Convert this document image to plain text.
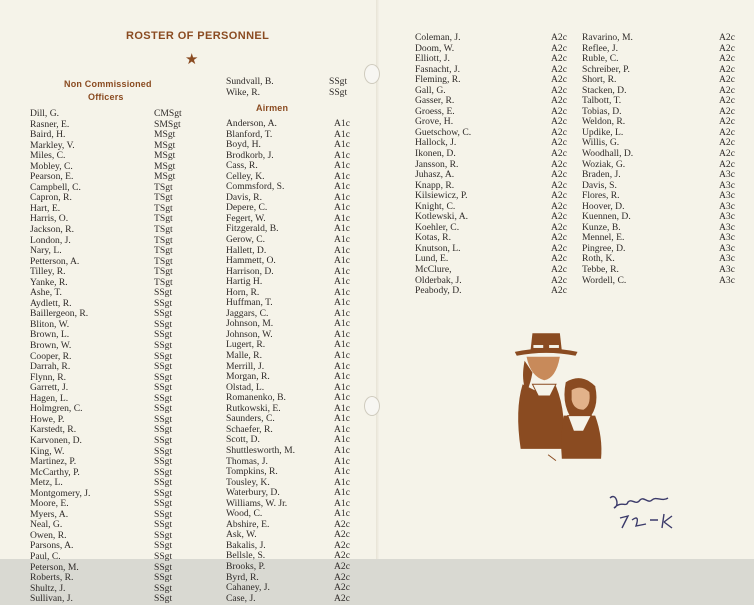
ROSTER OF PERSONNEL
★
Non Commissioned
Officers
Airmen
Dill, G.	CMSgt
Rasner, E.	SMSgt
Baird, H.	MSgt
Markley, V.	MSgt
Miles, C.	MSgt
Mobley, C.	MSgt
Pearson, E.	MSgt
Campbell, C.	TSgt
Capron, R.	TSgt
Hart, E.	TSgt
Harris, O.	TSgt
Jackson, R.	TSgt
London, J.	TSgt
Nary, L.	TSgt
Petterson, A.	TSgt
Tilley, R.	TSgt
Yanke, R.	TSgt
Ashe, T.	SSgt
Aydlett, R.	SSgt
Baillergeon, R.	SSgt
Bliton, W.	SSgt
Brown, L.	SSgt
Brown, W.	SSgt
Cooper, R.	SSgt
Darrah, R.	SSgt
Flynn, R.	SSgt
Garrett, J.	SSgt
Hagen, L.	SSgt
Holmgren, C.	SSgt
Howe, P.	SSgt
Karstedt, R.	SSgt
Karvonen, D.	SSgt
King, W.	SSgt
Martinez, P.	SSgt
McCarthy, P.	SSgt
Metz, L.	SSgt
Montgomery, J.	SSgt
Moore, E.	SSgt
Myers, A.	SSgt
Neal, G.	SSgt
Owen, R.	SSgt
Parsons, A.	SSgt
Paul, C.	SSgt
Peterson, M.	SSgt
Roberts, R.	SSgt
Shultz, J.	SSgt
Sullivan, J.	SSgt
Sundvall, B.	SSgt
Wike, R.	SSgt
Anderson, A.	A1c
Blanford, T.	A1c
Boyd, H.	A1c
Brodkorb, J.	A1c
Cass, R.	A1c
Celley, K.	A1c
Commsford, S.	A1c
Davis, R.	A1c
Depere, C.	A1c
Fegert, W.	A1c
Fitzgerald, B.	A1c
Gerow, C.	A1c
Hallett, D.	A1c
Hammett, O.	A1c
Harrison, D.	A1c
Hartig H.	A1c
Horn, R.	A1c
Huffman, T.	A1c
Jaggars, C.	A1c
Johnson, M.	A1c
Johnson, W.	A1c
Lugert, R.	A1c
Malle, R.	A1c
Merrill, J.	A1c
Morgan, R.	A1c
Olstad, L.	A1c
Romanenko, B.	A1c
Rutkowski, E.	A1c
Saunders, C.	A1c
Schaefer, R.	A1c
Scott, D.	A1c
Shuttlesworth, M.	A1c
Thomas, J.	A1c
Tompkins, R.	A1c
Tousley, K.	A1c
Waterbury, D.	A1c
Williams, W. Jr.	A1c
Wood, C.	A1c
Abshire, E.	A2c
Ask, W.	A2c
Bakalis, J.	A2c
Bellsle, S.	A2c
Brooks, P.	A2c
Byrd, R.	A2c
Cahaney, J.	A2c
Case, J.	A2c
Coleman, J.	A2c
Doom, W.	A2c
Elliott, J.	A2c
Fasnacht, J.	A2c
Fleming, R.	A2c
Gall, G.	A2c
Gasser, R.	A2c
Groess, E.	A2c
Grove, H.	A2c
Guetschow, C.	A2c
Hallock, J.	A2c
Ikonen, D.	A2c
Jansson, R.	A2c
Juhasz, A.	A2c
Knapp, R.	A2c
Kilsiewicz, P.	A2c
Knight, C.	A2c
Kotlewski, A.	A2c
Koehler, C.	A2c
Kotas, R.	A2c
Knutson, L.	A2c
Lund, E.	A2c
McClure,	A2c
Olderbak, J.	A2c
Peabody, D.	A2c
Ravarino, M.	A2c
Reflee, J.	A2c
Ruble, C.	A2c
Schreiber, P.	A2c
Short, R.	A2c
Stacken, D.	A2c
Talbott, T.	A2c
Tobias, D.	A2c
Weldon, R.	A2c
Updike, L.	A2c
Willis, G.	A2c
Woodhall, D.	A2c
Woziak, G.	A2c
Braden, J.	A3c
Davis, S.	A3c
Flores, R.	A3c
Hoover, D.	A3c
Kuennen, D.	A3c
Kunze, B.	A3c
Mennel, E.	A3c
Pingree, D.	A3c
Roth, K.	A3c
Tebbe, R.	A3c
Wordell, C.	A3c
